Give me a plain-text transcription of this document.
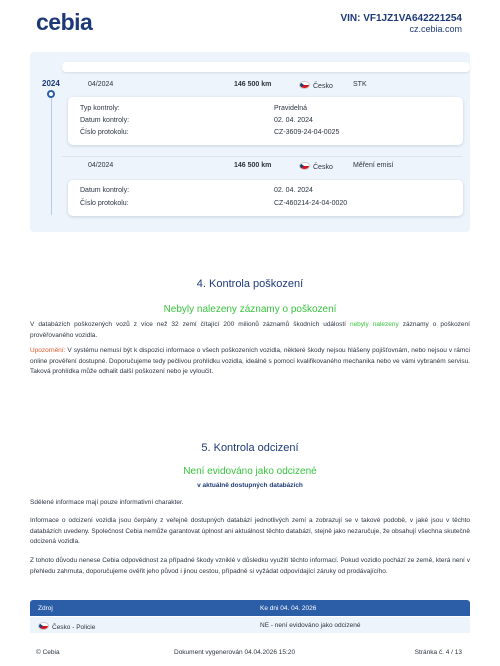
cebia	VIN: VF1JZ1VA642221254
cz.cebia.com
2024	04/2024	146 500 km	Česko	STK
Typ kontroly:	Pravidelná
Datum kontroly:	02. 04. 2024
Číslo protokolu:	CZ-3609-24-04-0025
04/2024	146 500 km	Česko	Měření emisí
Datum kontroly:	02. 04. 2024
Číslo protokolu:	CZ-460214-24-04-0020
4. Kontrola poškození
Nebyly nalezeny záznamy o poškození
V databázích poškozených vozů z více než 32 zemí čítající 200 milionů záznamů škodních událostí nebyly nalezeny záznamy o poškození prověřovaného vozidla.
Upozornění: V systému nemusí být k dispozici informace o všech poškozeních vozidla, některé škody nejsou hlášeny pojišťovnám, nebo nejsou v rámci online prověření dostupné. Doporučujeme tedy pečlivou prohlídku vozidla, ideálně s pomocí kvalifikovaného mechanika nebo ve vámi vybraném servisu. Taková prohlídka může odhalit další poškození nebo je vyloučit.
5. Kontrola odcizení
Není evidováno jako odcizené
v aktuálně dostupných databázích
Sdělené informace mají pouze informativní charakter.
Informace o odcizení vozidla jsou čerpány z veřejně dostupných databází jednotlivých zemí a zobrazují se v takové podobě, v jaké jsou v těchto databázích uvedeny. Společnost Cebia nemůže garantovat úplnost ani aktuálnost těchto databází, stejně jako nezaručuje, že obsahují všechna skutečně odcizená vozidla.
Z tohoto důvodu nenese Cebia odpovědnost za případné škody vzniklé v důsledku využití těchto informací. Pokud vozidlo pochází ze země, která není v přehledu zahrnuta, doporučujeme ověřit jeho původ i jinou cestou, případně si vyžádat odpovídající záruky od prodávajícího.
Zdroj	Ke dni 04. 04. 2026
Česko - Policie	NE - není evidováno jako odcizené
© Cebia	Dokument vygenerován 04.04.2026 15:20	Stránka č. 4 / 13
